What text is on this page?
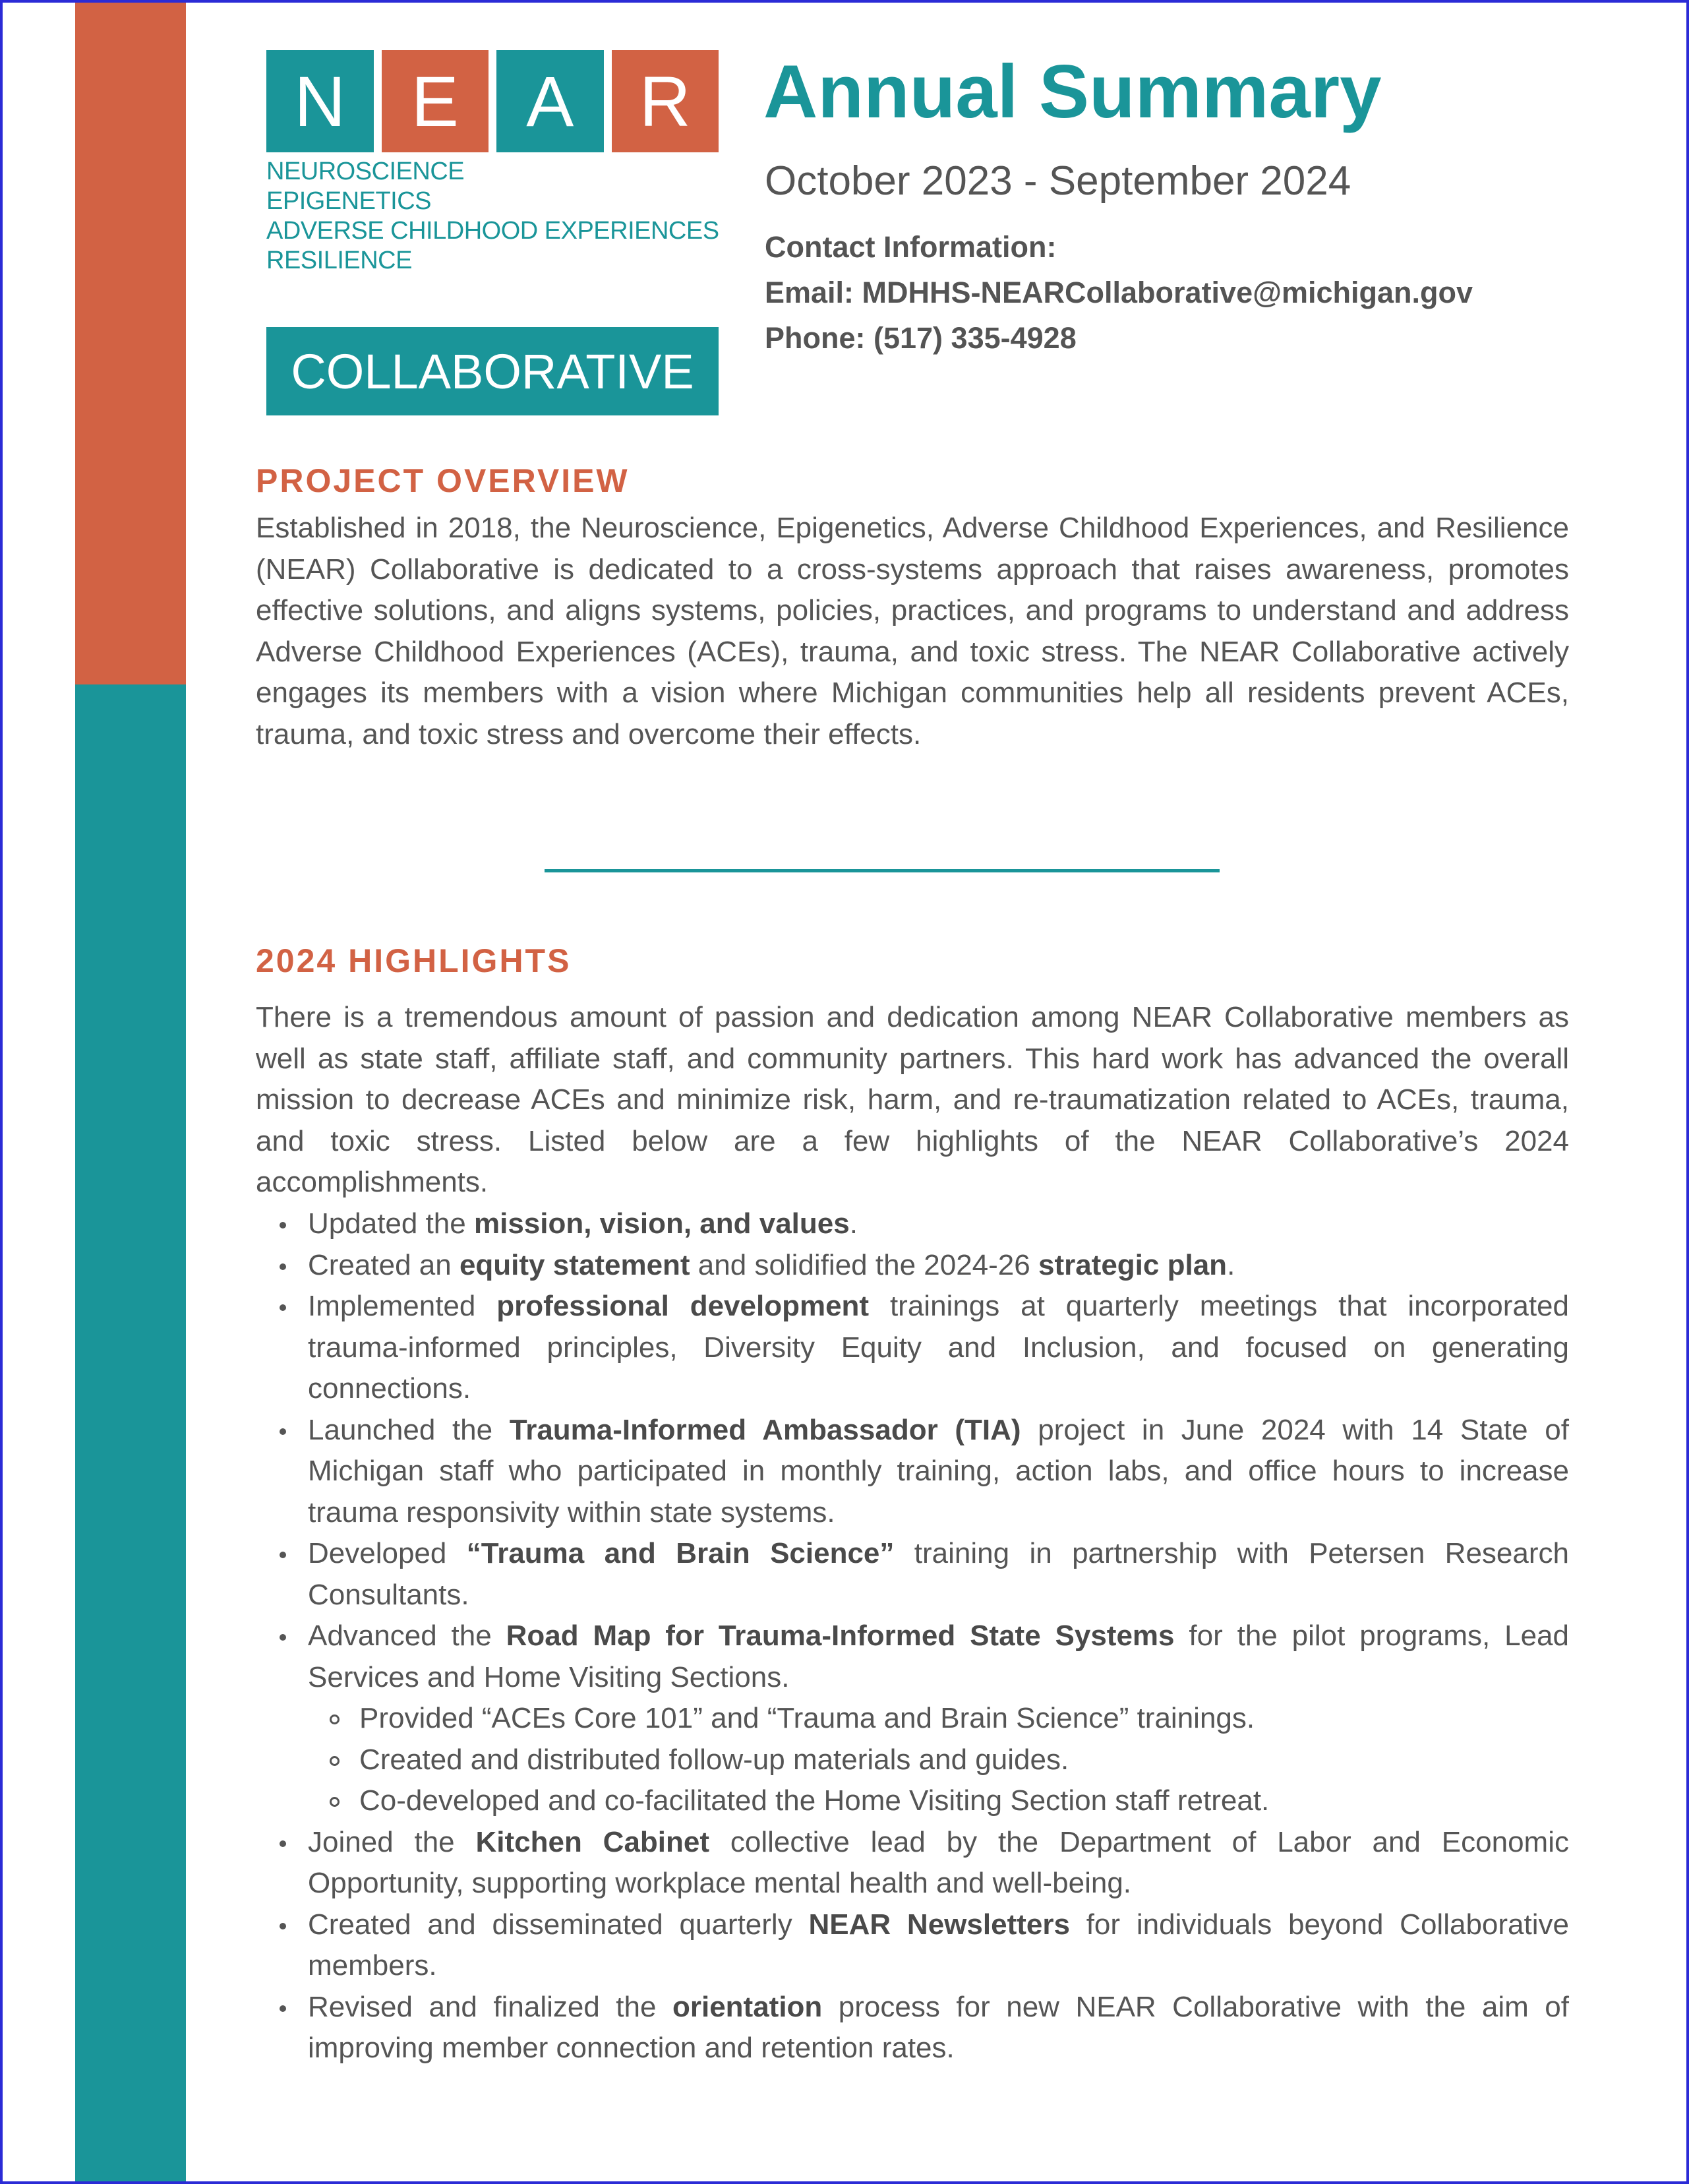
N E A R
NEUROSCIENCE
EPIGENETICS
ADVERSE CHILDHOOD EXPERIENCES
RESILIENCE
COLLABORATIVE
Annual Summary
October 2023 - September 2024
Contact Information:
Email: MDHHS-NEARCollaborative@michigan.gov
Phone: (517) 335-4928
PROJECT OVERVIEW
Established in 2018, the Neuroscience, Epigenetics, Adverse Childhood Experiences, and Resilience (NEAR) Collaborative is dedicated to a cross-systems approach that raises awareness, promotes effective solutions, and aligns systems, policies, practices, and programs to understand and address Adverse Childhood Experiences (ACEs), trauma, and toxic stress. The NEAR Collaborative actively engages its members with a vision where Michigan communities help all residents prevent ACEs, trauma, and toxic stress and overcome their effects.
2024 HIGHLIGHTS
There is a tremendous amount of passion and dedication among NEAR Collaborative members as well as state staff, affiliate staff, and community partners. This hard work has advanced the overall mission to decrease ACEs and minimize risk, harm, and re-traumatization related to ACEs, trauma, and toxic stress. Listed below are a few highlights of the NEAR Collaborative’s 2024 accomplishments.
Updated the mission, vision, and values.
Created an equity statement and solidified the 2024-26 strategic plan.
Implemented professional development trainings at quarterly meetings that incorporated trauma-informed principles, Diversity Equity and Inclusion, and focused on generating connections.
Launched the Trauma-Informed Ambassador (TIA) project in June 2024 with 14 State of Michigan staff who participated in monthly training, action labs, and office hours to increase trauma responsivity within state systems.
Developed “Trauma and Brain Science” training in partnership with Petersen Research Consultants.
Advanced the Road Map for Trauma-Informed State Systems for the pilot programs, Lead Services and Home Visiting Sections.
Provided “ACEs Core 101” and “Trauma and Brain Science” trainings.
Created and distributed follow-up materials and guides.
Co-developed and co-facilitated the Home Visiting Section staff retreat.
Joined the Kitchen Cabinet collective lead by the Department of Labor and Economic Opportunity, supporting workplace mental health and well-being.
Created and disseminated quarterly NEAR Newsletters for individuals beyond Collaborative members.
Revised and finalized the orientation process for new NEAR Collaborative with the aim of improving member connection and retention rates.
